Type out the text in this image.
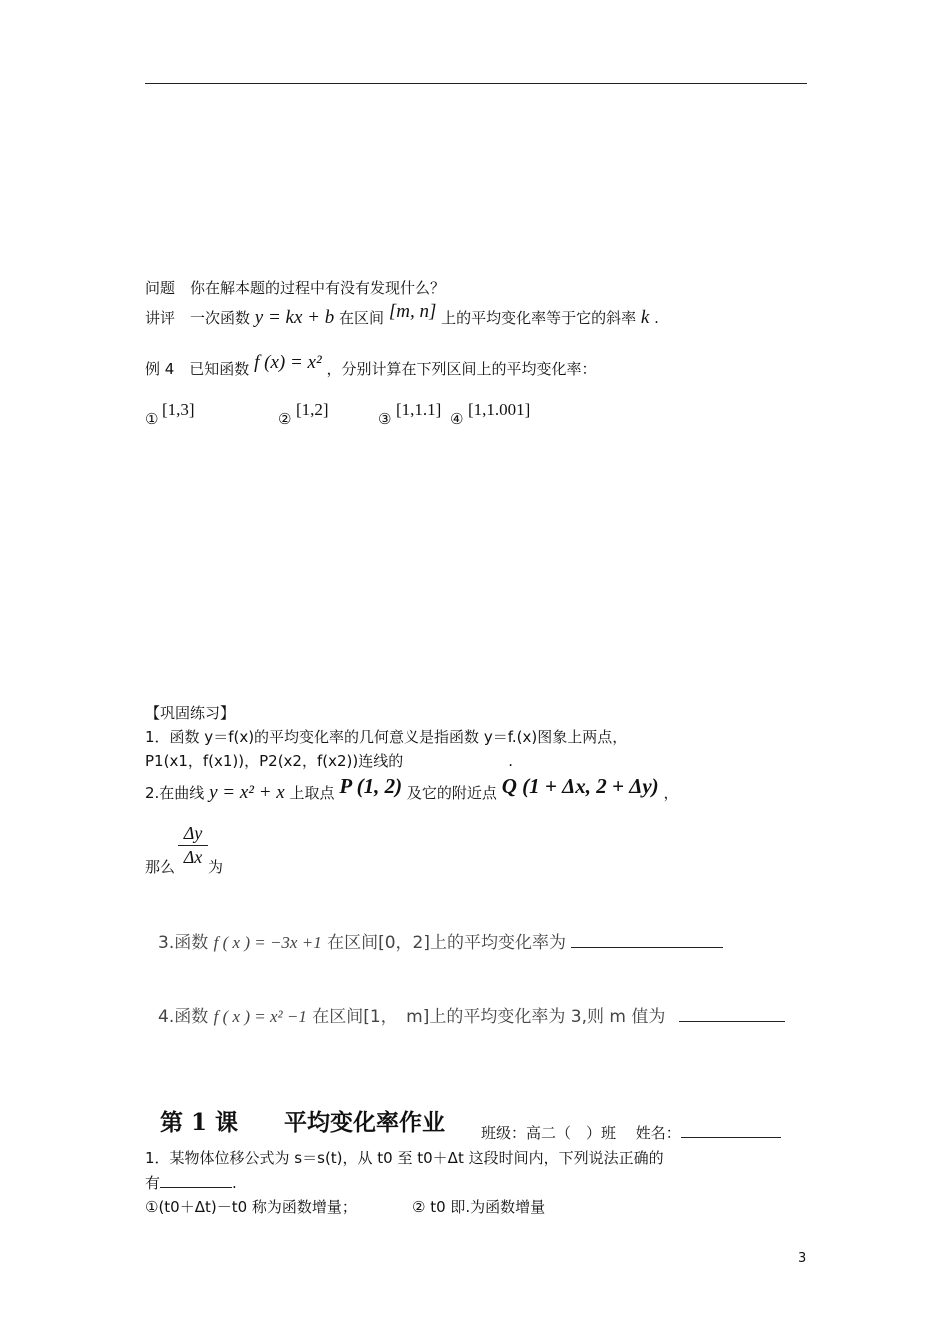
问题　你在解本题的过程中有没有发现什么？
讲评　一次函数 y = kx + b 在区间 [m, n] 上的平均变化率等于它的斜率 k .
例 4　已知函数 f (x) = x² ，分别计算在下列区间上的平均变化率：
① [1,3]	② [1,2]	③ [1,1.1] ④ [1,1.001]
【巩固练习】
1．函数 y＝f(x)的平均变化率的几何意义是指函数 y＝f.(x)图象上两点，
P1(x1，f(x1))，P2(x2，f(x2))连线的	.
2.在曲线 y = x² + x 上取点 P (1, 2) 及它的附近点 Q (1 + Δx, 2 + Δy) ，
Δy
Δx
那么 为
3.函数 f ( x ) = −3x +1 在区间[0，2]上的平均变化率为
4.函数 f ( x ) = x² −1 在区间[1，　m]上的平均变化率为 3,则 m 值为
第 1 课　　平均变化率作业 班级：高二（　）班　 姓名：
1．某物体位移公式为 s＝s(t)，从 t0 至 t0＋Δt 这段时间内，下列说法正确的
有	.
①(t0＋Δt)－t0 称为函数增量；	② t0 即.为函数增量
3
